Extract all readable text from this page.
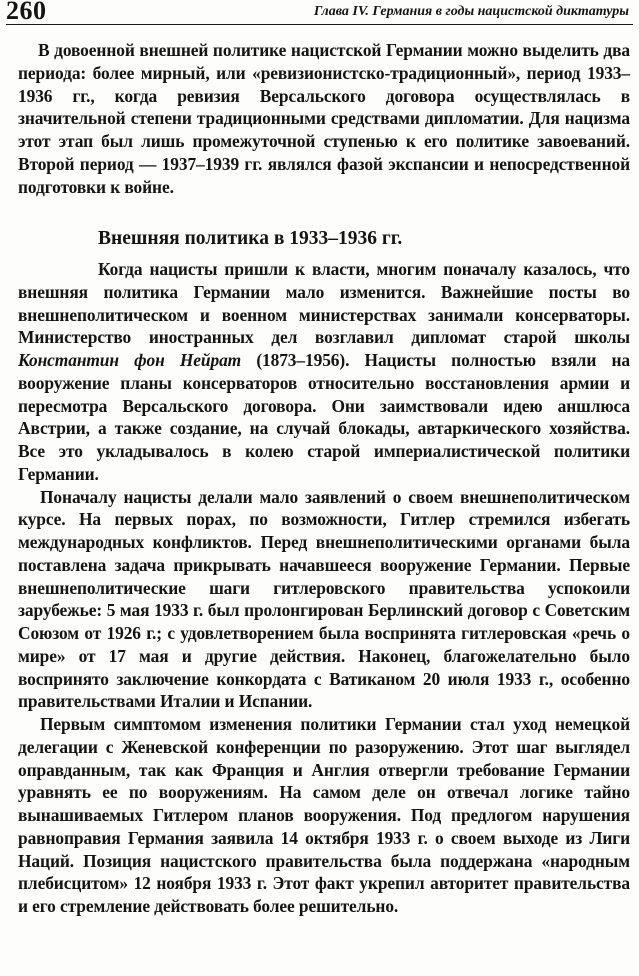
260	Глава IV. Германия в годы нацистской диктатуры

В довоенной внешней политике нацистской Германии можно выделить два периода: более мирный, или «ревизионистско-традиционный», период 1933–1936 гг., когда ревизия Версальского договора осуществлялась в значительной степени традиционными средствами дипломатии. Для нацизма этот этап был лишь промежуточной ступенью к его политике завоеваний. Второй период — 1937–1939 гг. являлся фазой экспансии и непосредственной подготовки к войне.

Внешняя политика в 1933–1936 гг.

Когда нацисты пришли к власти, многим поначалу казалось, что внешняя политика Германии мало изменится. Важнейшие посты во внешнеполитическом и военном министерствах занимали консерваторы. Министерство иностранных дел возглавил дипломат старой школы Константин фон Нейрат (1873–1956). Нацисты полностью взяли на вооружение планы консерваторов относительно восстановления армии и пересмотра Версальского договора. Они заимствовали идею аншлюса Австрии, а также создание, на случай блокады, автаркического хозяйства. Все это укладывалось в колею старой империалистической политики Германии.

Поначалу нацисты делали мало заявлений о своем внешнеполитическом курсе. На первых порах, по возможности, Гитлер стремился избегать международных конфликтов. Перед внешнеполитическими органами была поставлена задача прикрывать начавшееся вооружение Германии. Первые внешнеполитические шаги гитлеровского правительства успокоили зарубежье: 5 мая 1933 г. был пролонгирован Берлинский договор с Советским Союзом от 1926 г.; с удовлетворением была воспринята гитлеровская «речь о мире» от 17 мая и другие действия. Наконец, благожелательно было воспринято заключение конкордата с Ватиканом 20 июля 1933 г., особенно правительствами Италии и Испании.

Первым симптомом изменения политики Германии стал уход немецкой делегации с Женевской конференции по разоружению. Этот шаг выглядел оправданным, так как Франция и Англия отвергли требование Германии уравнять ее по вооружениям. На самом деле он отвечал логике тайно вынашиваемых Гитлером планов вооружения. Под предлогом нарушения равноправия Германия заявила 14 октября 1933 г. о своем выходе из Лиги Наций. Позиция нацистского правительства была поддержана «народным плебисцитом» 12 ноября 1933 г. Этот факт укрепил авторитет правительства и его стремление действовать более решительно.
